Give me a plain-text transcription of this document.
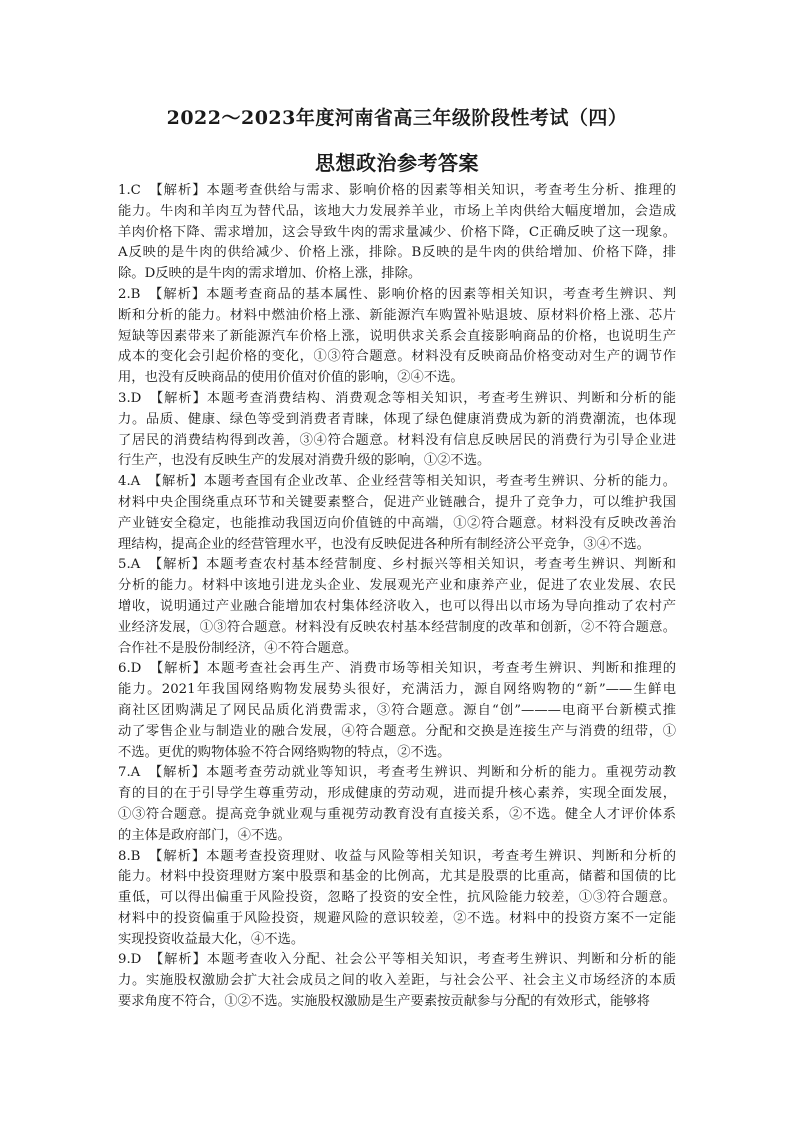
2022～2023年度河南省高三年级阶段性考试（四）
思想政治参考答案
1.C　【解析】本题考查供给与需求、影响价格的因素等相关知识，考查考生分析、推理的
能力。牛肉和羊肉互为替代品，该地大力发展养羊业，市场上羊肉供给大幅度增加，会造成
羊肉价格下降、需求增加，这会导致牛肉的需求量减少、价格下降，C正确反映了这一现象。
A反映的是牛肉的供给减少、价格上涨，排除。B反映的是牛肉的供给增加、价格下降，排
除。D反映的是牛肉的需求增加、价格上涨，排除。
2.B　【解析】本题考查商品的基本属性、影响价格的因素等相关知识，考查考生辨识、判
断和分析的能力。材料中燃油价格上涨、新能源汽车购置补贴退坡、原材料价格上涨、芯片
短缺等因素带来了新能源汽车价格上涨，说明供求关系会直接影响商品的价格，也说明生产
成本的变化会引起价格的变化，①③符合题意。材料没有反映商品价格变动对生产的调节作
用，也没有反映商品的使用价值对价值的影响，②④不选。
3.D　【解析】本题考查消费结构、消费观念等相关知识，考查考生辨识、判断和分析的能
力。品质、健康、绿色等受到消费者青睐，体现了绿色健康消费成为新的消费潮流，也体现
了居民的消费结构得到改善，③④符合题意。材料没有信息反映居民的消费行为引导企业进
行生产，也没有反映生产的发展对消费升级的影响，①②不选。
4.A　【解析】本题考查国有企业改革、企业经营等相关知识，考查考生辨识、分析的能力。
材料中央企围绕重点环节和关键要素整合，促进产业链融合，提升了竞争力，可以维护我国
产业链安全稳定，也能推动我国迈向价值链的中高端，①②符合题意。材料没有反映改善治
理结构，提高企业的经营管理水平，也没有反映促进各种所有制经济公平竞争，③④不选。
5.A　【解析】本题考查农村基本经营制度、乡村振兴等相关知识，考查考生辨识、判断和
分析的能力。材料中该地引进龙头企业、发展观光产业和康养产业，促进了农业发展、农民
增收，说明通过产业融合能增加农村集体经济收入，也可以得出以市场为导向推动了农村产
业经济发展，①③符合题意。材料没有反映农村基本经营制度的改革和创新，②不符合题意。
合作社不是股份制经济，④不符合题意。
6.D　【解析】本题考查社会再生产、消费市场等相关知识，考查考生辨识、判断和推理的
能力。2021年我国网络购物发展势头很好，充满活力，源自网络购物的“新”——生鲜电
商社区团购满足了网民品质化消费需求，③符合题意。源自“创”———电商平台新模式推
动了零售企业与制造业的融合发展，④符合题意。分配和交换是连接生产与消费的纽带，①
不选。更优的购物体验不符合网络购物的特点，②不选。
7.A　【解析】本题考查劳动就业等知识，考查考生辨识、判断和分析的能力。重视劳动教
育的目的在于引导学生尊重劳动，形成健康的劳动观，进而提升核心素养，实现全面发展，
①③符合题意。提高竞争就业观与重视劳动教育没有直接关系，②不选。健全人才评价体系
的主体是政府部门，④不选。
8.B　【解析】本题考查投资理财、收益与风险等相关知识，考查考生辨识、判断和分析的
能力。材料中投资理财方案中股票和基金的比例高，尤其是股票的比重高，储蓄和国债的比
重低，可以得出偏重于风险投资，忽略了投资的安全性，抗风险能力较差，①③符合题意。
材料中的投资偏重于风险投资，规避风险的意识较差，②不选。材料中的投资方案不一定能
实现投资收益最大化，④不选。
9.D　【解析】本题考查收入分配、社会公平等相关知识，考查考生辨识、判断和分析的能
力。实施股权激励会扩大社会成员之间的收入差距，与社会公平、社会主义市场经济的本质
要求角度不符合，①②不选。实施股权激励是生产要素按贡献参与分配的有效形式，能够将
